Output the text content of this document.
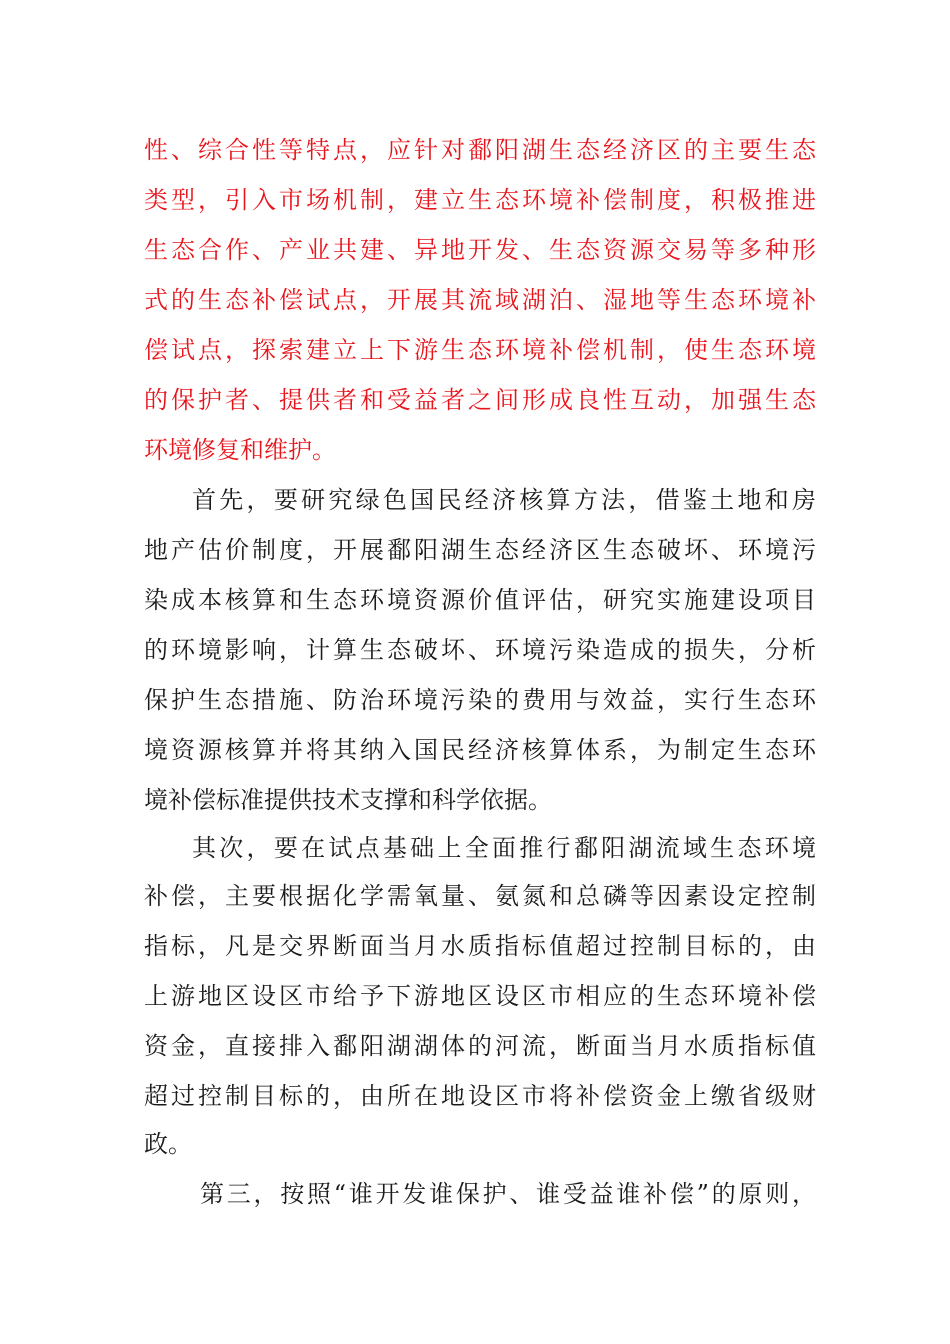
性、综合性等特点，应针对鄱阳湖生态经济区的主要生态
类型，引入市场机制，建立生态环境补偿制度，积极推进
生态合作、产业共建、异地开发、生态资源交易等多种形
式的生态补偿试点，开展其流域湖泊、湿地等生态环境补
偿试点，探索建立上下游生态环境补偿机制，使生态环境
的保护者、提供者和受益者之间形成良性互动，加强生态
环境修复和维护。
首先，要研究绿色国民经济核算方法，借鉴土地和房
地产估价制度，开展鄱阳湖生态经济区生态破坏、环境污
染成本核算和生态环境资源价值评估，研究实施建设项目
的环境影响，计算生态破坏、环境污染造成的损失，分析
保护生态措施、防治环境污染的费用与效益，实行生态环
境资源核算并将其纳入国民经济核算体系，为制定生态环
境补偿标准提供技术支撑和科学依据。
其次，要在试点基础上全面推行鄱阳湖流域生态环境
补偿，主要根据化学需氧量、氨氮和总磷等因素设定控制
指标，凡是交界断面当月水质指标值超过控制目标的，由
上游地区设区市给予下游地区设区市相应的生态环境补偿
资金，直接排入鄱阳湖湖体的河流，断面当月水质指标值
超过控制目标的，由所在地设区市将补偿资金上缴省级财
政。
第三，按照“谁开发谁保护、谁受益谁补偿”的原则，
